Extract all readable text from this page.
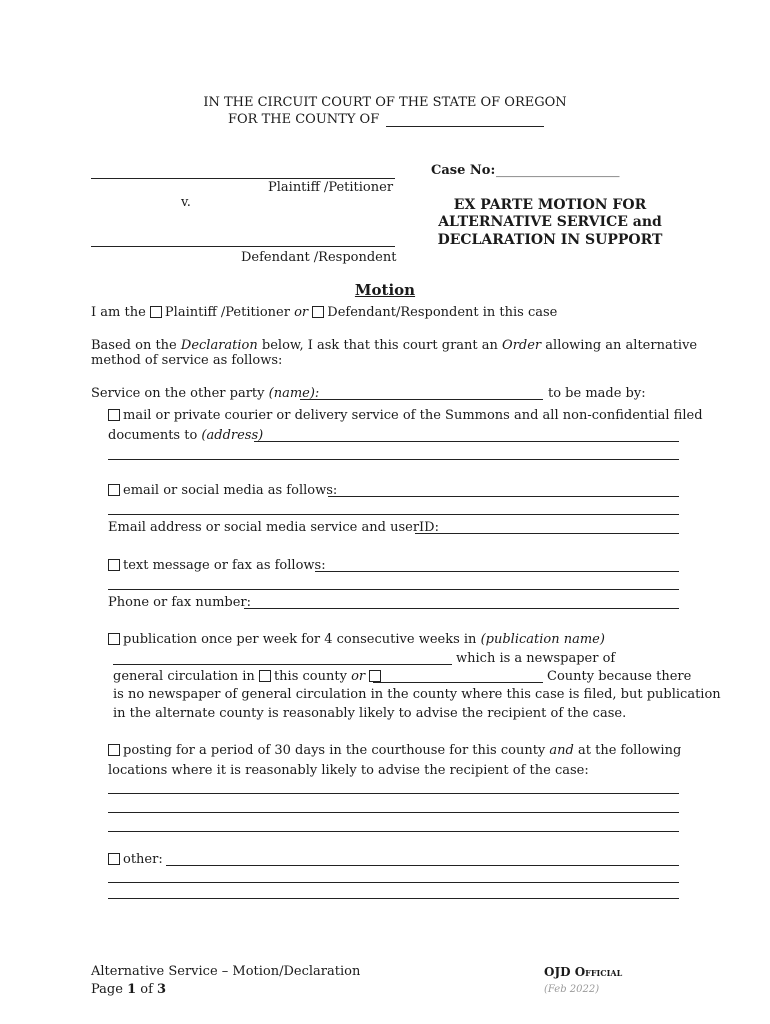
IN THE CIRCUIT COURT OF THE STATE OF OREGON
FOR THE COUNTY OF
Plaintiff /Petitioner
v.
Defendant /Respondent
Case No: ___________________
EX PARTE MOTION FOR
ALTERNATIVE SERVICE and
DECLARATION IN SUPPORT
Motion
I am the Plaintiff /Petitioner or Defendant/Respondent in this case
Based on the Declaration below, I ask that this court grant an Order allowing an alternative
method of service as follows:
Service on the other party (name):	to be made by:
mail or private courier or delivery service of the Summons and all non-confidential filed
documents to (address)
email or social media as follows:
Email address or social media service and userID:
text message or fax as follows:
Phone or fax number:
publication once per week for 4 consecutive weeks in (publication name)
which is a newspaper of
general circulation in this county or	County because there
is no newspaper of general circulation in the county where this case is filed, but publication
in the alternate county is reasonably likely to advise the recipient of the case.
posting for a period of 30 days in the courthouse for this county and at the following
locations where it is reasonably likely to advise the recipient of the case:
other:
Alternative Service – Motion/Declaration
Page 1 of 3
OJD Official
(Feb 2022)
